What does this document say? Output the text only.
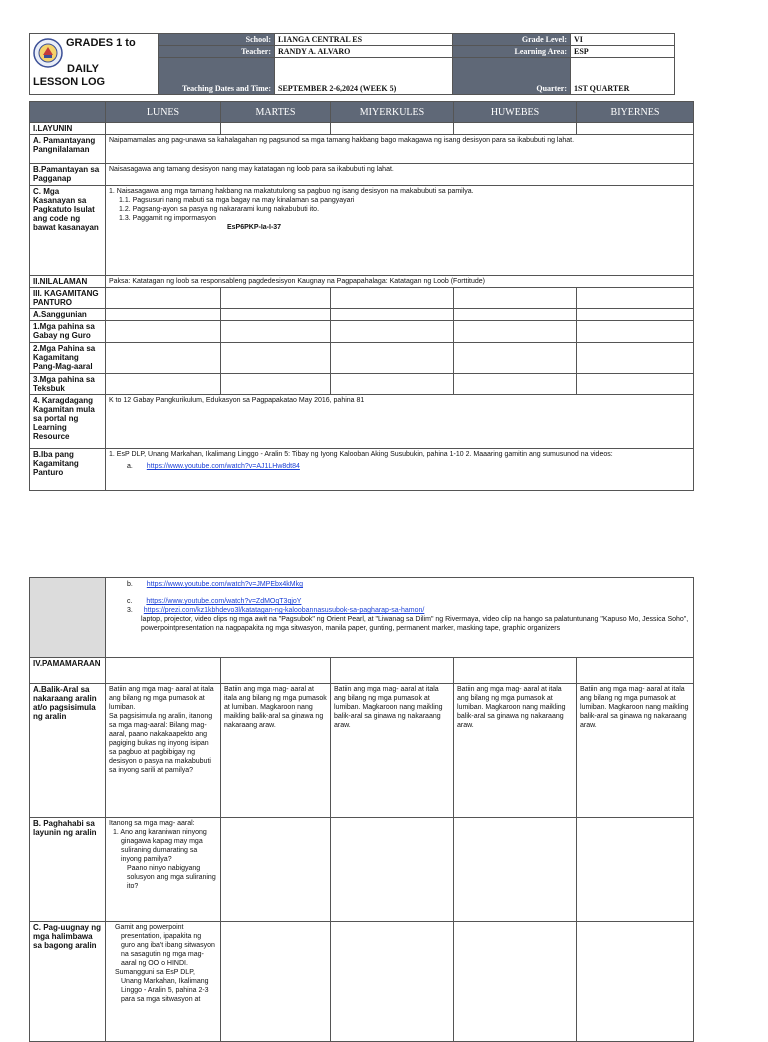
GRADES 1 to
DAILY
LESSON LOG	School:	LIANGA CENTRAL ES	Grade Level:	VI
	Teacher:	RANDY A. ALVARO	Learning Area:	ESP
	Teaching Dates and Time:	SEPTEMBER 2-6,2024 (WEEK 5)	Quarter:	1ST QUARTER
	LUNES	MARTES	MIYERKULES	HUWEBES	BIYERNES
I.LAYUNIN					
A. Pamantayang Pangnilalaman	Naipamamalas ang pag-unawa sa kahalagahan ng pagsunod sa mga tamang hakbang bago makagawa ng isang desisyon para sa ikabubuti ng lahat.				
B.Pamantayan sa Pagganap	Naisasagawa ang tamang desisyon nang may katatagan ng loob para sa ikabubuti ng lahat.				
C. Mga Kasanayan sa Pagkatuto Isulat ang code ng bawat kasanayan	1. Naisasagawa ang mga tamang hakbang na makatutulong sa pagbuo ng isang desisyon na makabubuti sa pamilya.
1.1. Pagsusuri nang mabuti sa mga bagay na may kinalaman sa pangyayari
1.2. Pagsang-ayon sa pasya ng nakararami kung nakabubuti ito.
1.3. Paggamit ng impormasyon
EsP6PKP-Ia-I-37				

II.NILALAMAN	Paksa: Katatagan ng loob sa responsableng pagdedesisyon Kaugnay na Pagpapahalaga: Katatagan ng Loob (Forttitude)				
III. KAGAMITANG PANTURO					
A.Sanggunian					
1.Mga pahina sa Gabay ng Guro					
2.Mga Pahina sa Kagamitang Pang-Mag-aaral					
3.Mga pahina sa Teksbuk					
4. Karagdagang Kagamitan mula sa portal ng Learning Resource	K to 12 Gabay Pangkurikulum, Edukasyon sa Pagpapakatao May 2016, pahina 81				
B.Iba pang Kagamitang Panturo	1. EsP DLP, Unang Markahan, Ikalimang Linggo - Aralin 5: Tibay ng Iyong Kalooban Aking Susubukin, pahina 1-10 2. Maaaring gamitin ang sumusunod na videos:
a. https://www.youtube.com/watch?v=AJ1LHw8dt84				

	b. https://www.youtube.com/watch?v=JMPEbx4kMkg
c. https://www.youtube.com/watch?v=ZdMOqT3qjoY
3. https://prezi.com/kz1kbhdevo3l/katatagan-ng-kaloobannasusubok-sa-pagharap-sa-hamon/
laptop, projector, video clips ng mga awit na "Pagsubok" ng Orient Pearl, at "Liwanag sa Dilim" ng Rivermaya, video clip na hango sa palatuntunang "Kapuso Mo, Jessica Soho", powerpointpresentation na nagpapakita ng mga sitwasyon, manila paper, gunting, permanent marker, masking tape, graphic organizers				

IV.PAMAMARAAN					
A.Balik-Aral sa nakaraang aralin at/o pagsisimula ng aralin	Batiin ang mga mag- aaral at itala ang bilang ng mga pumasok at lumiban.
Sa pagsisimula ng aralin, itanong sa mga mag-aaral: Bilang mag- aaral, paano nakakaapekto ang pagiging bukas ng inyong isipan sa pagbuo at pagbibigay ng desisyon o pasya na makabubuti sa inyong sarili at pamilya?	Batiin ang mga mag- aaral at itala ang bilang ng mga pumasok at lumiban. Magkaroon nang maikling balik-aral sa ginawa ng nakaraang araw.	Batiin ang mga mag- aaral at itala ang bilang ng mga pumasok at lumiban. Magkaroon nang maikling balik-aral sa ginawa ng nakaraang araw.	Batiin ang mga mag- aaral at itala ang bilang ng mga pumasok at lumiban. Magkaroon nang maikling balik-aral sa ginawa ng nakaraang araw.	Batiin ang mga mag- aaral at itala ang bilang ng mga pumasok at lumiban. Magkaroon nang maikling balik-aral sa ginawa ng nakaraang araw.
B. Paghahabi sa layunin ng aralin	Itanong sa mga mag- aaral:
1. Ano ang karaniwan ninyong ginagawa kapag may mga suliraning dumarating sa inyong pamilya?
Paano ninyo nabigyang solusyon ang mga suliraning ito?				

C. Pag-uugnay ng mga halimbawa sa bagong aralin	Gamit ang powerpoint presentation, ipapakita ng guro ang iba't ibang sitwasyon na sasagutin ng mga mag-aaral ng OO o HINDI.
Sumangguni sa EsP DLP, Unang Markahan, Ikalimang Linggo - Aralin 5, pahina 2-3 para sa mga sitwasyon at				
